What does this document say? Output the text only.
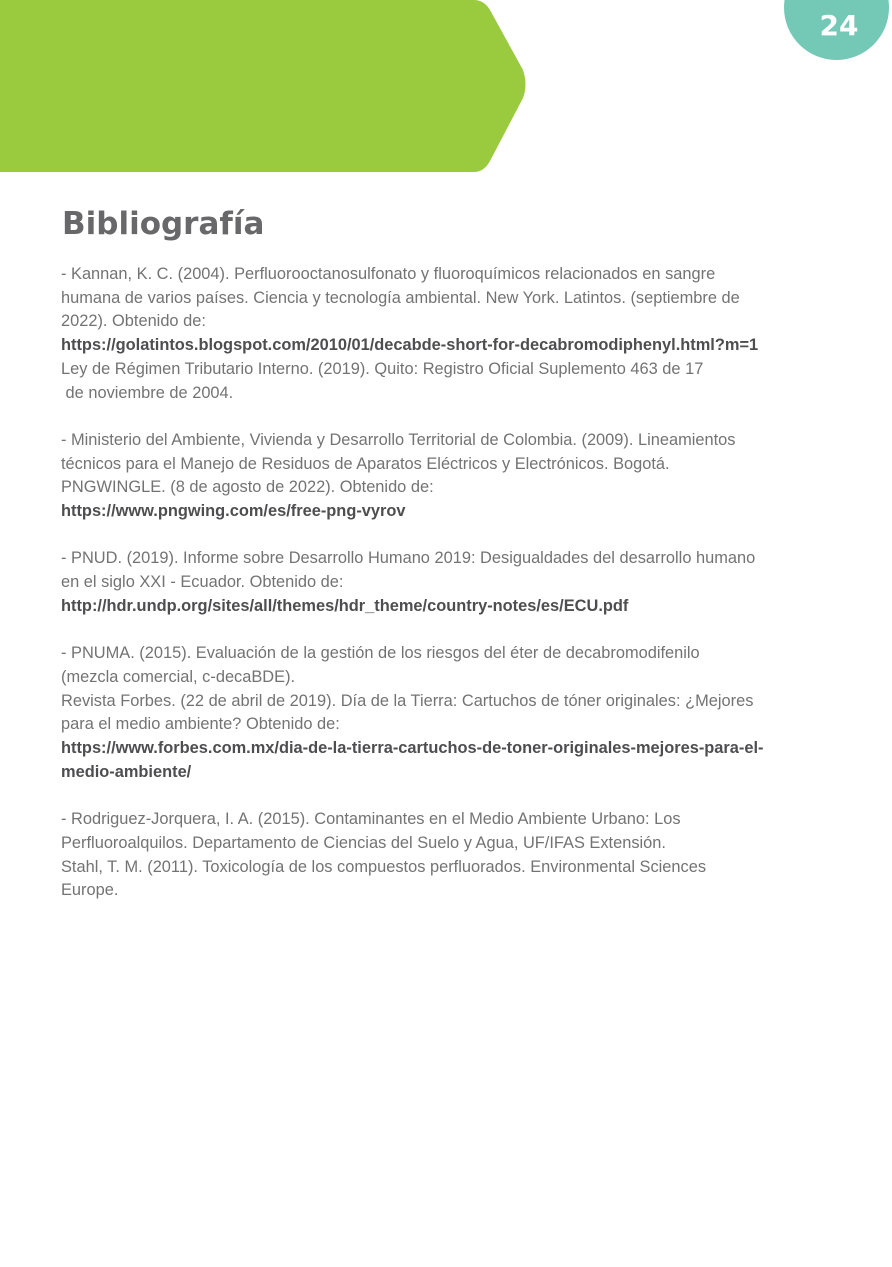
24
Bibliografía
- Kannan, K. C. (2004). Perfluorooctanosulfonato y fluoroquímicos relacionados en sangre
humana de varios países. Ciencia y tecnología ambiental. New York. Latintos. (septiembre de
2022). Obtenido de:
https://golatintos.blogspot.com/2010/01/decabde-short-for-decabromodiphenyl.html?m=1
Ley de Régimen Tributario Interno. (2019). Quito: Registro Oficial Suplemento 463 de 17
de noviembre de 2004.
- Ministerio del Ambiente, Vivienda y Desarrollo Territorial de Colombia. (2009). Lineamientos
técnicos para el Manejo de Residuos de Aparatos Eléctricos y Electrónicos. Bogotá.
PNGWINGLE. (8 de agosto de 2022). Obtenido de:
https://www.pngwing.com/es/free-png-vyrov
- PNUD. (2019). Informe sobre Desarrollo Humano 2019: Desigualdades del desarrollo humano
en el siglo XXI - Ecuador. Obtenido de:
http://hdr.undp.org/sites/all/themes/hdr_theme/country-notes/es/ECU.pdf
- PNUMA. (2015). Evaluación de la gestión de los riesgos del éter de decabromodifenilo
(mezcla comercial, c-decaBDE).
Revista Forbes. (22 de abril de 2019). Día de la Tierra: Cartuchos de tóner originales: ¿Mejores
para el medio ambiente? Obtenido de:
https://www.forbes.com.mx/dia-de-la-tierra-cartuchos-de-toner-originales-mejores-para-el-
medio-ambiente/
- Rodriguez-Jorquera, I. A. (2015). Contaminantes en el Medio Ambiente Urbano: Los
Perfluoroalquilos. Departamento de Ciencias del Suelo y Agua, UF/IFAS Extensión.
Stahl, T. M. (2011). Toxicología de los compuestos perfluorados. Environmental Sciences
Europe.
